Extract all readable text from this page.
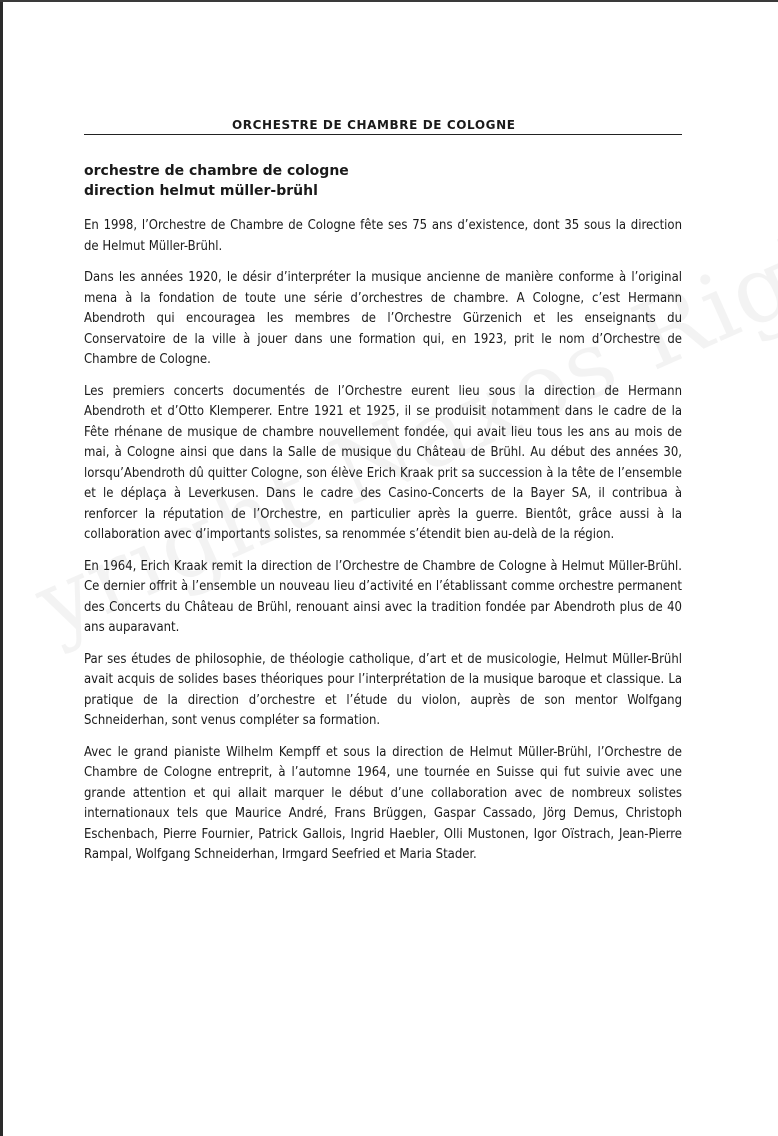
ORCHESTRE DE CHAMBRE DE COLOGNE
orchestre de chambre de cologne
direction helmut müller-brühl

En 1998, l’Orchestre de Chambre de Cologne fête ses 75 ans d’existence, dont 35 sous la direction de Helmut Müller-Brühl.

Dans les années 1920, le désir d’interpréter la musique ancienne de manière conforme à l’original mena à la fondation de toute une série d’orchestres de chambre. A Cologne, c’est Hermann Abendroth qui encouragea les membres de l’Orchestre Gürzenich et les enseignants du Conservatoire de la ville à jouer dans une formation qui, en 1923, prit le nom d’Orchestre de Chambre de Cologne.

Les premiers concerts documentés de l’Orchestre eurent lieu sous la direction de Hermann Abendroth et d’Otto Klemperer. Entre 1921 et 1925, il se produisit notamment dans le cadre de la Fête rhénane de musique de chambre nouvellement fondée, qui avait lieu tous les ans au mois de mai, à Cologne ainsi que dans la Salle de musique du Château de Brühl. Au début des années 30, lorsqu’Abendroth dû quitter Cologne, son élève Erich Kraak prit sa succession à la tête de l’ensemble et le déplaça à Leverkusen. Dans le cadre des Casino-Concerts de la Bayer SA, il contribua à renforcer la réputation de l’Orchestre, en particulier après la guerre. Bientôt, grâce aussi à la collaboration avec d’importants solistes, sa renommée s’étendit bien au-delà de la région.

En 1964, Erich Kraak remit la direction de l’Orchestre de Chambre de Cologne à Helmut Müller-Brühl. Ce dernier offrit à l’ensemble un nouveau lieu d’activité en l’établissant comme orchestre permanent des Concerts du Château de Brühl, renouant ainsi avec la tradition fondée par Abendroth plus de 40 ans auparavant.

Par ses études de philosophie, de théologie catholique, d’art et de musicologie, Helmut Müller-Brühl avait acquis de solides bases théoriques pour l’interprétation de la musique baroque et classique. La pratique de la direction d’orchestre et l’étude du violon, auprès de son mentor Wolfgang Schneiderhan, sont venus compléter sa formation.

Avec le grand pianiste Wilhelm Kempff et sous la direction de Helmut Müller-Brühl, l’Orchestre de Chambre de Cologne entreprit, à l’automne 1964, une tournée en Suisse qui fut suivie avec une grande attention et qui allait marquer le début d’une collaboration avec de nombreux solistes internationaux tels que Maurice André, Frans Brüggen, Gaspar Cassado, Jörg Demus, Christoph Eschenbach, Pierre Fournier, Patrick Gallois, Ingrid Haebler, Olli Mustonen, Igor Oïstrach, Jean-Pierre Rampal, Wolfgang Schneiderhan, Irmgard Seefried et Maria Stader.
